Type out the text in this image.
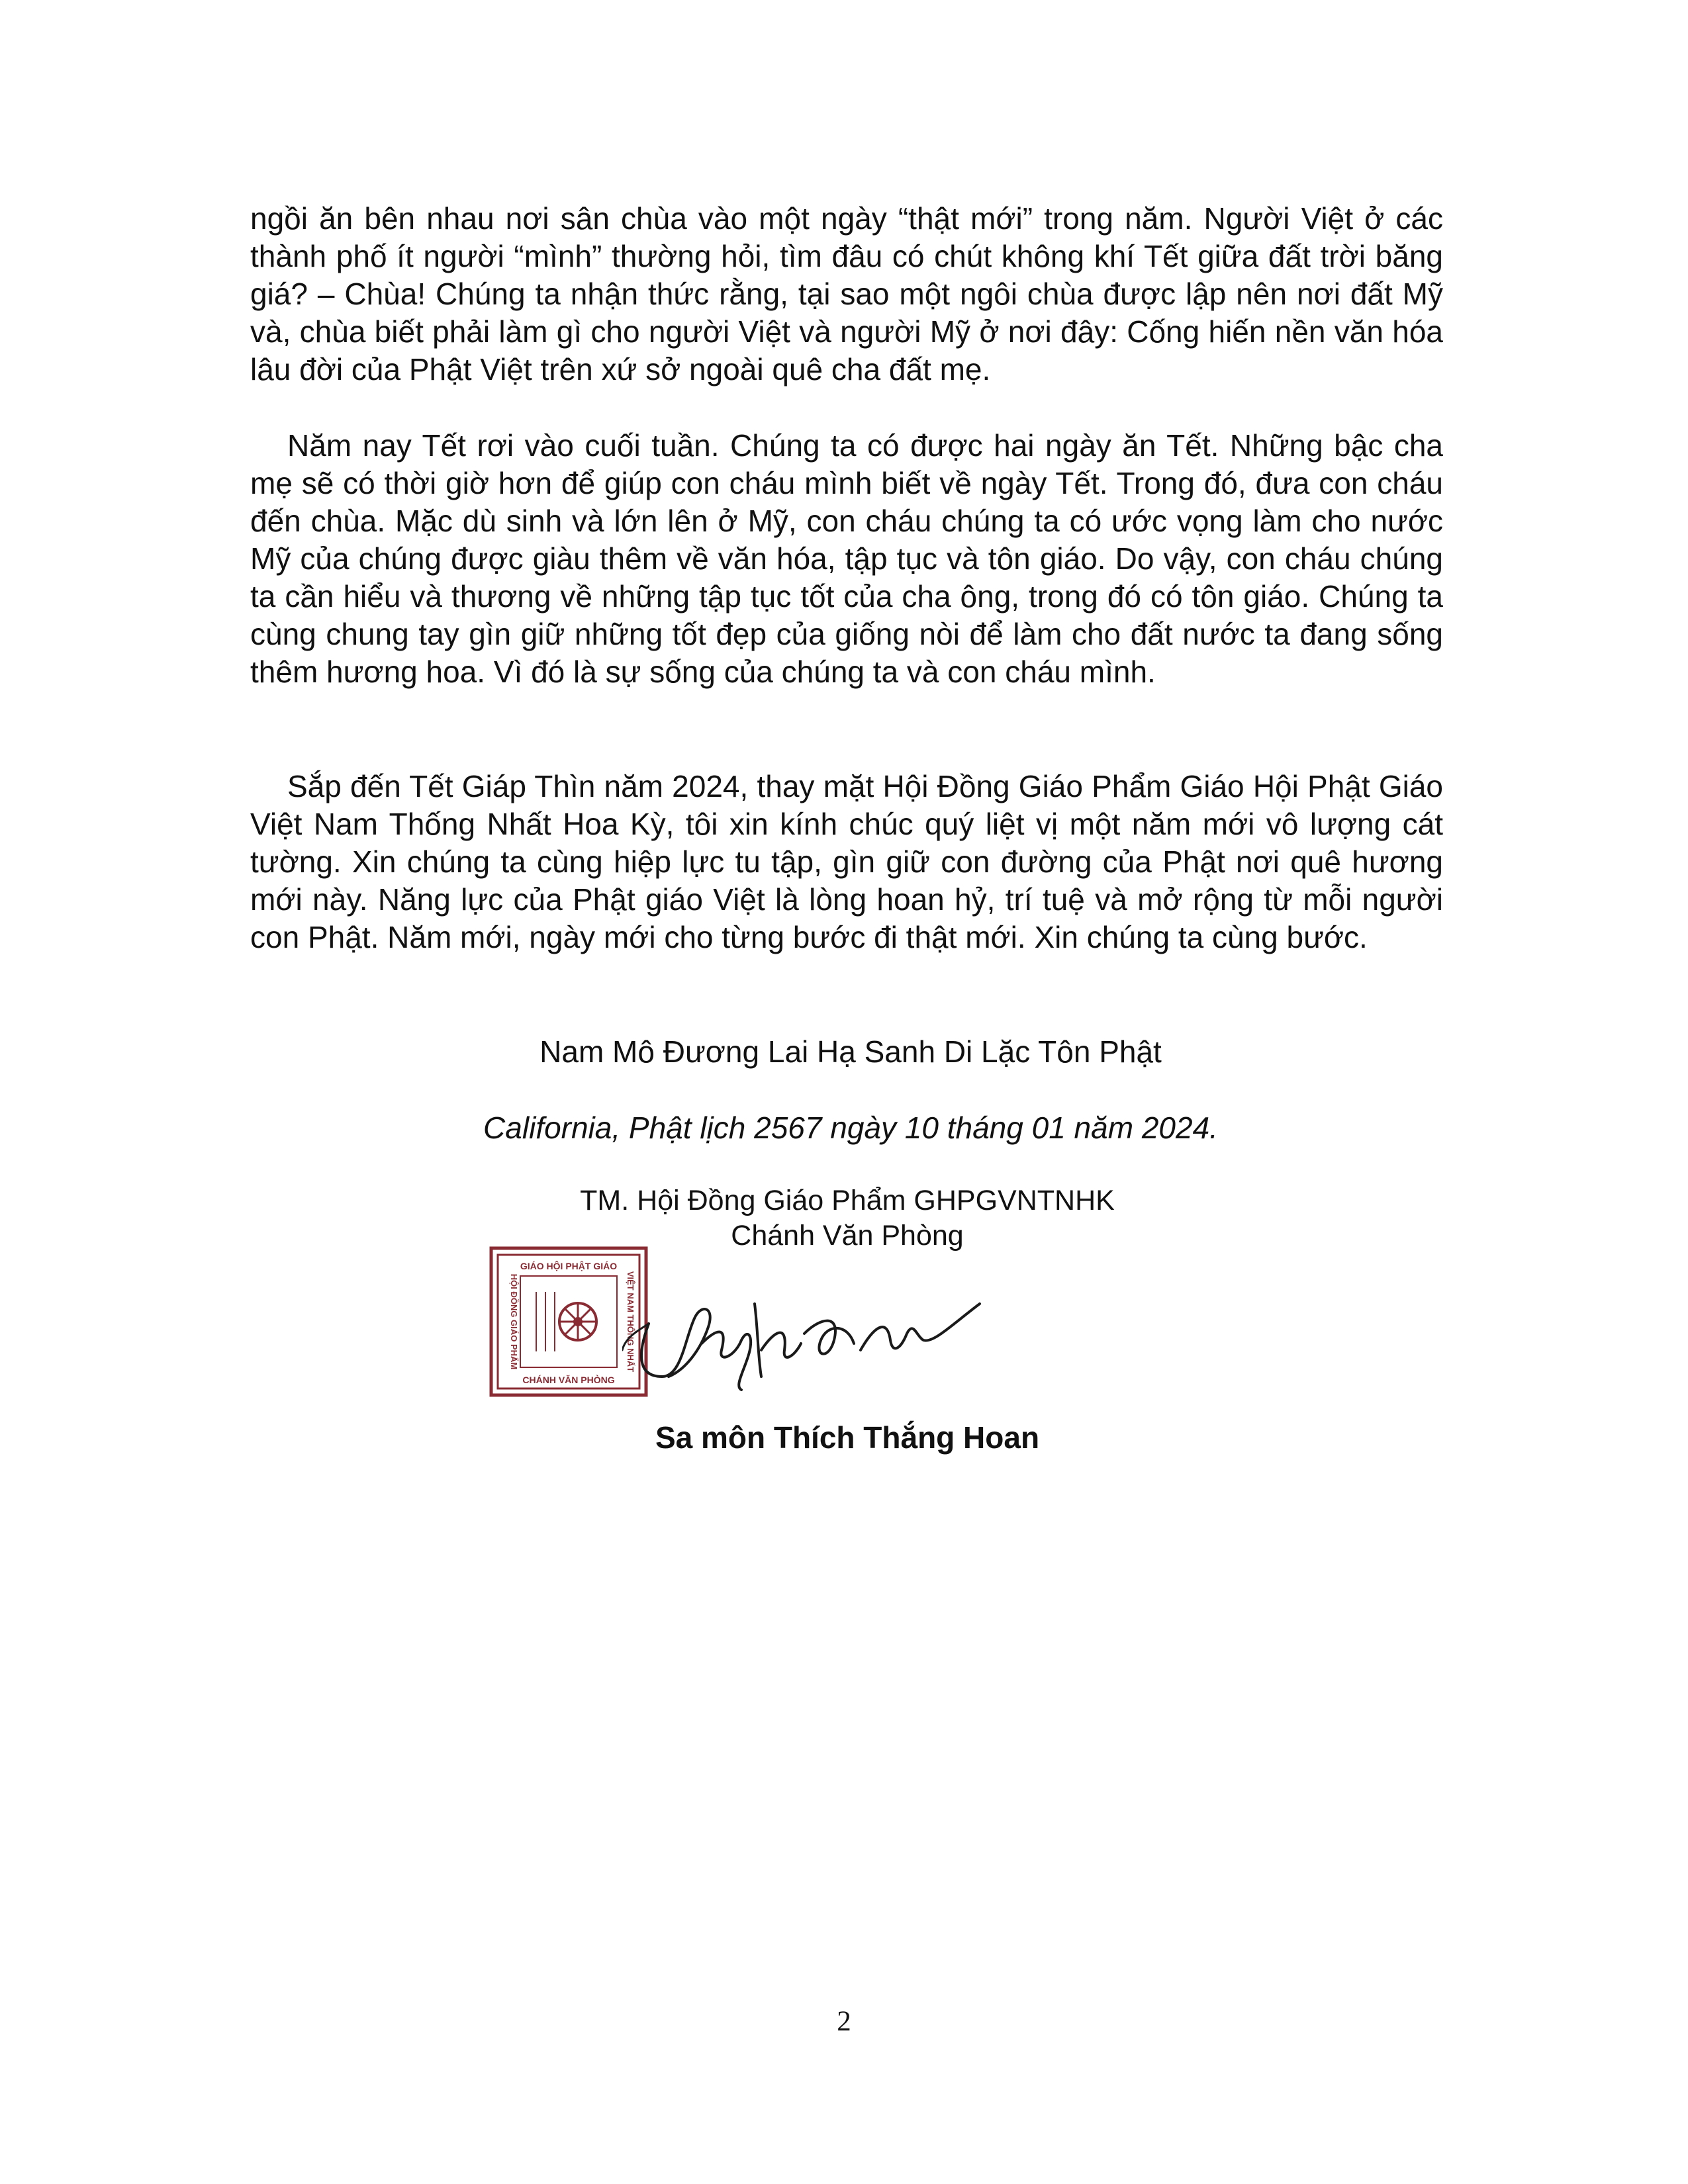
ngồi ăn bên nhau nơi sân chùa vào một ngày “thật mới” trong năm. Người Việt ở các thành phố ít người “mình” thường hỏi, tìm đâu có chút không khí Tết giữa đất trời băng giá? – Chùa! Chúng ta nhận thức rằng, tại sao một ngôi chùa được lập nên nơi đất Mỹ và, chùa biết phải làm gì cho người Việt và người Mỹ ở nơi đây: Cống hiến nền văn hóa lâu đời của Phật Việt trên xứ sở ngoài quê cha đất mẹ.

Năm nay Tết rơi vào cuối tuần. Chúng ta có được hai ngày ăn Tết. Những bậc cha mẹ sẽ có thời giờ hơn để giúp con cháu mình biết về ngày Tết. Trong đó, đưa con cháu đến chùa. Mặc dù sinh và lớn lên ở Mỹ, con cháu chúng ta có ước vọng làm cho nước Mỹ của chúng được giàu thêm về văn hóa, tập tục và tôn giáo. Do vậy, con cháu chúng ta cần hiểu và thương về những tập tục tốt của cha ông, trong đó có tôn giáo. Chúng ta cùng chung tay gìn giữ những tốt đẹp của giống nòi để làm cho đất nước ta đang sống thêm hương hoa. Vì đó là sự sống của chúng ta và con cháu mình.

Sắp đến Tết Giáp Thìn năm 2024, thay mặt Hội Đồng Giáo Phẩm Giáo Hội Phật Giáo Việt Nam Thống Nhất Hoa Kỳ, tôi xin kính chúc quý liệt vị một năm mới vô lượng cát tường. Xin chúng ta cùng hiệp lực tu tập, gìn giữ con đường của Phật nơi quê hương mới này. Năng lực của Phật giáo Việt là lòng hoan hỷ, trí tuệ và mở rộng từ mỗi người con Phật. Năm mới, ngày mới cho từng bước đi thật mới. Xin chúng ta cùng bước.

Nam Mô Đương Lai Hạ Sanh Di Lặc Tôn Phật

California, Phật lịch 2567 ngày 10 tháng 01 năm 2024.

TM. Hội Đồng Giáo Phẩm GHPGVNTNHK

Chánh Văn Phòng

GIÁO HỘI PHẬT GIÁO
CHÁNH VĂN PHÒNG
HỘI ĐỒNG GIÁO PHẨM	VIỆT NAM THỐNG NHẤT

Sa môn Thích Thắng Hoan

2
